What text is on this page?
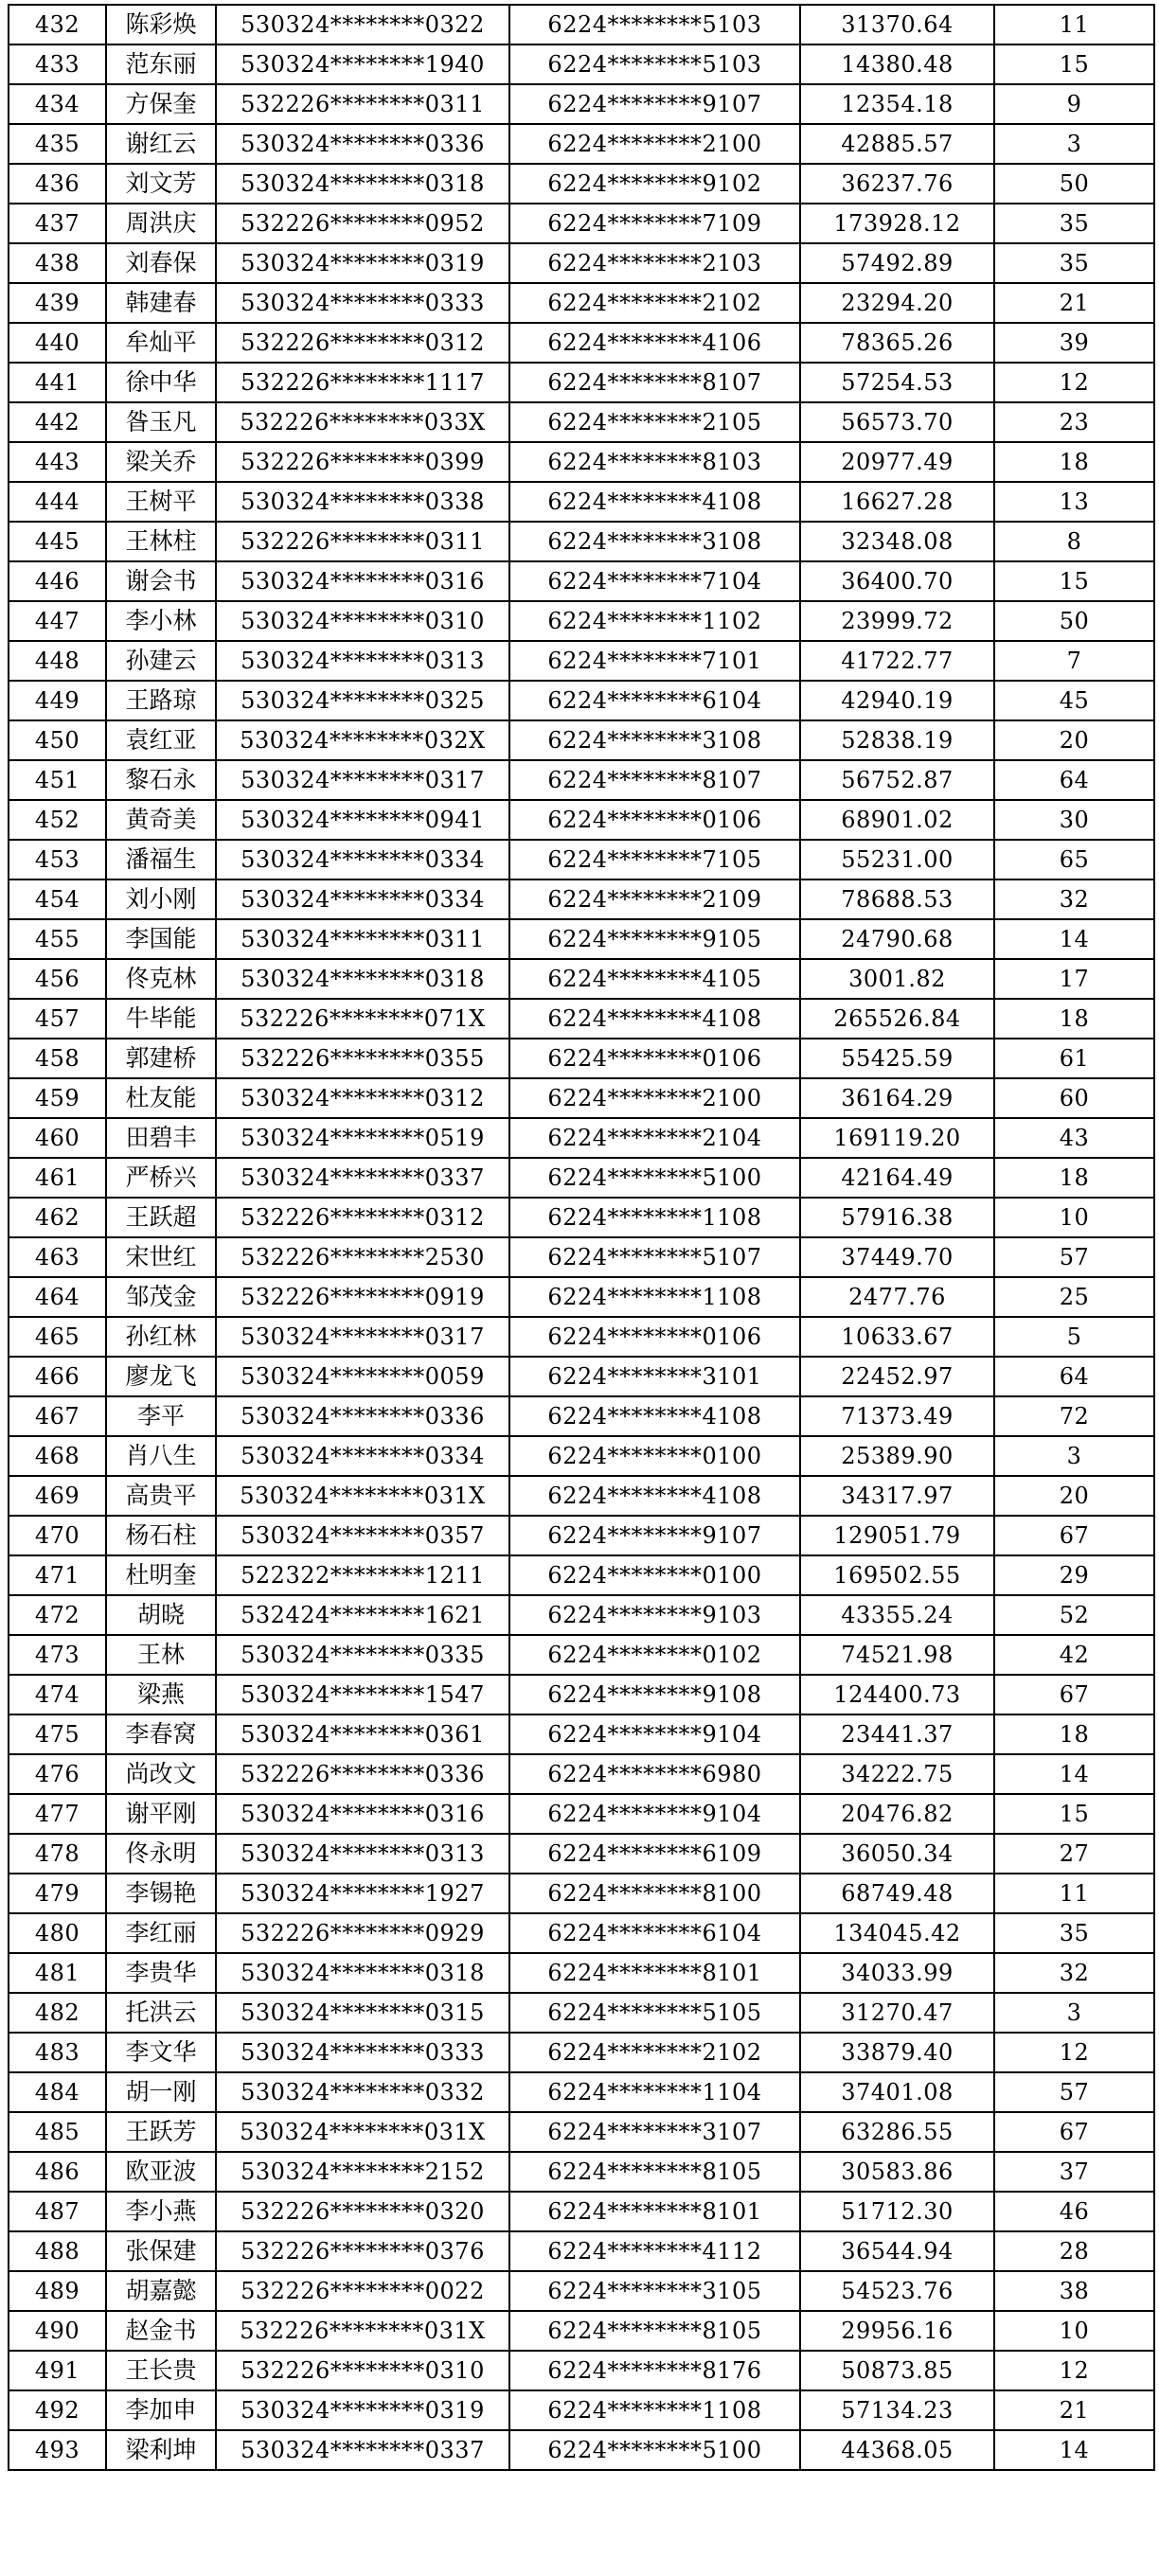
432	陈彩焕	530324********0322	6224********5103	31370.64	11
433	范东丽	530324********1940	6224********5103	14380.48	15
434	方保奎	532226********0311	6224********9107	12354.18	9
435	谢红云	530324********0336	6224********2100	42885.57	3
436	刘文芳	530324********0318	6224********9102	36237.76	50
437	周洪庆	532226********0952	6224********7109	173928.12	35
438	刘春保	530324********0319	6224********2103	57492.89	35
439	韩建春	530324********0333	6224********2102	23294.20	21
440	牟灿平	532226********0312	6224********4106	78365.26	39
441	徐中华	532226********1117	6224********8107	57254.53	12
442	昝玉凡	532226********033X	6224********2105	56573.70	23
443	梁关乔	532226********0399	6224********8103	20977.49	18
444	王树平	530324********0338	6224********4108	16627.28	13
445	王林柱	532226********0311	6224********3108	32348.08	8
446	谢会书	530324********0316	6224********7104	36400.70	15
447	李小林	530324********0310	6224********1102	23999.72	50
448	孙建云	530324********0313	6224********7101	41722.77	7
449	王路琼	530324********0325	6224********6104	42940.19	45
450	袁红亚	530324********032X	6224********3108	52838.19	20
451	黎石永	530324********0317	6224********8107	56752.87	64
452	黄奇美	530324********0941	6224********0106	68901.02	30
453	潘福生	530324********0334	6224********7105	55231.00	65
454	刘小刚	530324********0334	6224********2109	78688.53	32
455	李国能	530324********0311	6224********9105	24790.68	14
456	佟克林	530324********0318	6224********4105	3001.82	17
457	牛毕能	532226********071X	6224********4108	265526.84	18
458	郭建桥	532226********0355	6224********0106	55425.59	61
459	杜友能	530324********0312	6224********2100	36164.29	60
460	田碧丰	530324********0519	6224********2104	169119.20	43
461	严桥兴	530324********0337	6224********5100	42164.49	18
462	王跃超	532226********0312	6224********1108	57916.38	10
463	宋世红	532226********2530	6224********5107	37449.70	57
464	邹茂金	532226********0919	6224********1108	2477.76	25
465	孙红林	530324********0317	6224********0106	10633.67	5
466	廖龙飞	530324********0059	6224********3101	22452.97	64
467	李平	530324********0336	6224********4108	71373.49	72
468	肖八生	530324********0334	6224********0100	25389.90	3
469	高贵平	530324********031X	6224********4108	34317.97	20
470	杨石柱	530324********0357	6224********9107	129051.79	67
471	杜明奎	522322********1211	6224********0100	169502.55	29
472	胡晓	532424********1621	6224********9103	43355.24	52
473	王林	530324********0335	6224********0102	74521.98	42
474	梁燕	530324********1547	6224********9108	124400.73	67
475	李春窝	530324********0361	6224********9104	23441.37	18
476	尚改文	532226********0336	6224********6980	34222.75	14
477	谢平刚	530324********0316	6224********9104	20476.82	15
478	佟永明	530324********0313	6224********6109	36050.34	27
479	李锡艳	530324********1927	6224********8100	68749.48	11
480	李红丽	532226********0929	6224********6104	134045.42	35
481	李贵华	530324********0318	6224********8101	34033.99	32
482	托洪云	530324********0315	6224********5105	31270.47	3
483	李文华	530324********0333	6224********2102	33879.40	12
484	胡一刚	530324********0332	6224********1104	37401.08	57
485	王跃芳	530324********031X	6224********3107	63286.55	67
486	欧亚波	530324********2152	6224********8105	30583.86	37
487	李小燕	532226********0320	6224********8101	51712.30	46
488	张保建	532226********0376	6224********4112	36544.94	28
489	胡嘉懿	532226********0022	6224********3105	54523.76	38
490	赵金书	532226********031X	6224********8105	29956.16	10
491	王长贵	532226********0310	6224********8176	50873.85	12
492	李加申	530324********0319	6224********1108	57134.23	21
493	梁利坤	530324********0337	6224********5100	44368.05	14
